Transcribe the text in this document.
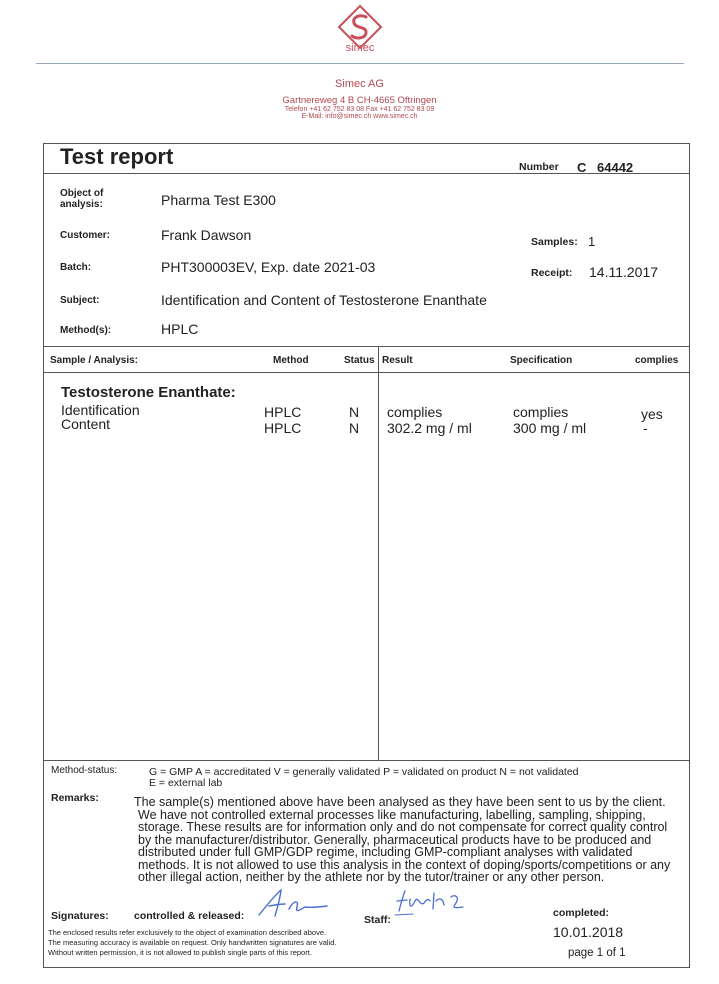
simec
Simec AG
Gartnereweg 4 B CH-4665 Oftringen
Telefon +41 62 752 83 08 Fax +41 62 752 83 09
E-Mail: info@simec.ch www.simec.ch
Test report	Number C 64442
Object of
analysis:	Pharma Test E300
Customer:	Frank Dawson	Samples: 1
Batch:	PHT300003EV, Exp. date 2021-03	Receipt: 14.11.2017
Subject:	Identification and Content of Testosterone Enanthate
Method(s):	HPLC
Sample / Analysis:	Method	Status Result	Specification	complies
Testosterone Enanthate:
Identification	HPLC	N complies	complies	yes
Content	HPLC	N 302.2 mg / ml	300 mg / ml	-
Method-status:	G = GMP A = accreditated V = generally validated P = validated on product N = not validated
E = external lab
Remarks:	The sample(s) mentioned above have been analysed as they have been sent to us by the client.
We have not controlled external processes like manufacturing, labelling, sampling, shipping,
storage. These results are for information only and do not compensate for correct quality control
by the manufacturer/distributor. Generally, pharmaceutical products have to be produced and
distributed under full GMP/GDP regime, including GMP-compliant analyses with validated
methods. It is not allowed to use this analysis in the context of doping/sports/competitions or any
other illegal action, neither by the athlete nor by the tutor/trainer or any other person.
Signatures: controlled & released:	Staff:
completed:
10.01.2018
page 1 of 1
The enclosed results refer exclusively to the object of examination described above.
The measuring accuracy is available on request. Only handwritten signatures are valid.
Without written permission, it is not allowed to publish single parts of this report.
